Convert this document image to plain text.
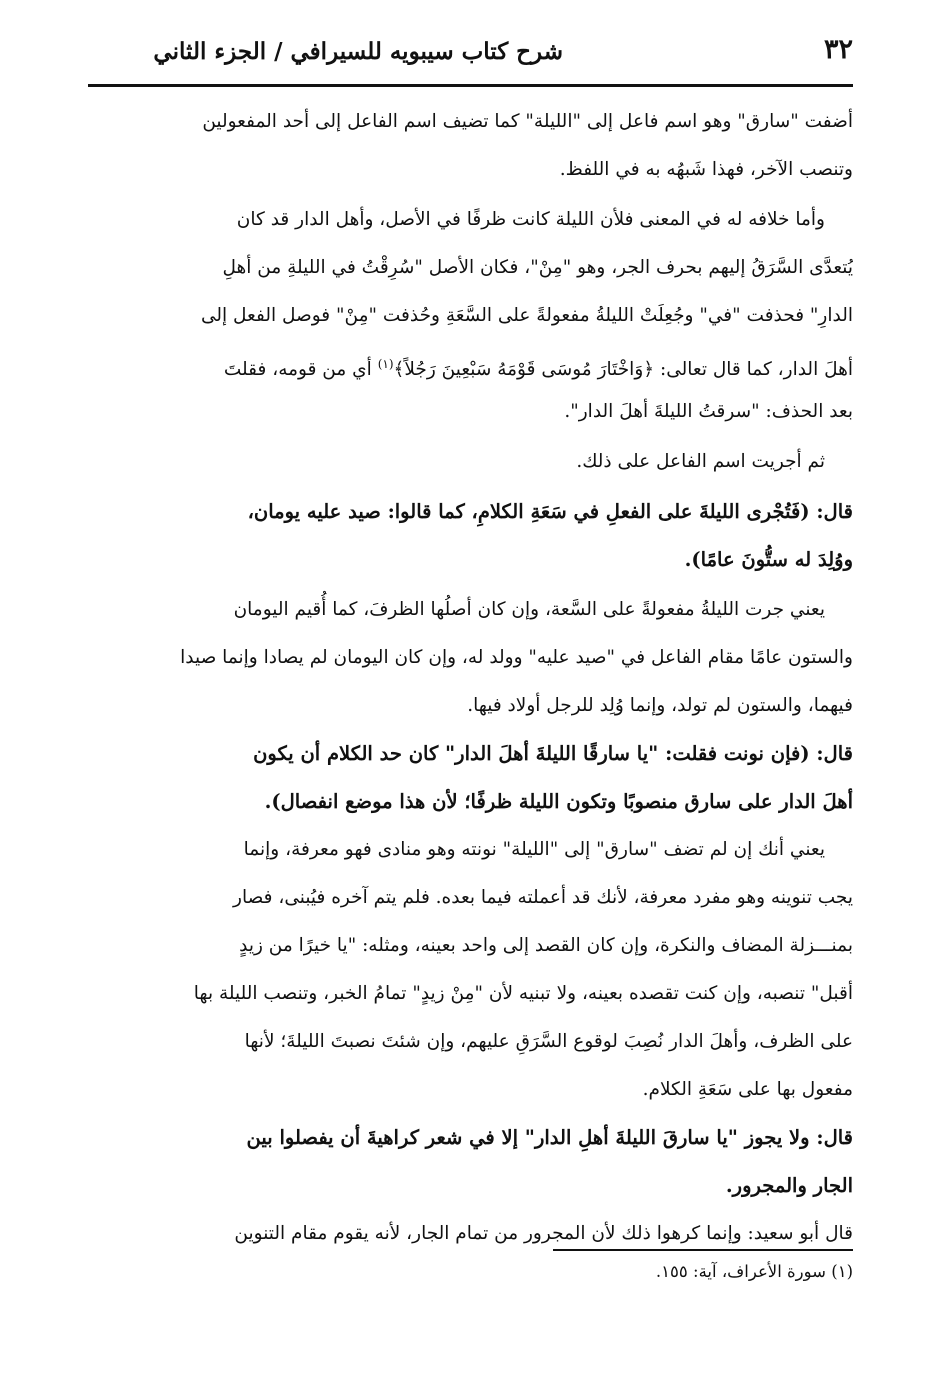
٣٢
شرح كتاب سيبويه للسيرافي / الجزء الثاني
أضفت "سارق" وهو اسم فاعل إلى "الليلة" كما تضيف اسم الفاعل إلى أحد المفعولين
وتنصب الآخر، فهذا شَبهُه به في اللفظ.
وأما خلافه له في المعنى فلأن الليلة كانت ظرفًا في الأصل، وأهل الدار قد كان
يُتعدَّى السَّرَقُ إليهم بحرف الجر، وهو "مِنْ"، فكان الأصل "سُرِقْتُ في الليلةِ من أهلِ
الدارِ" فحذفت "في" وجُعِلَتْ الليلةُ مفعولةً على السَّعَةِ وحُذفت "مِنْ" فوصل الفعل إلى
أهلَ الدار، كما قال تعالى: ﴿وَاخْتَارَ مُوسَى قَوْمَهُ سَبْعِينَ رَجُلاً﴾$^{(١)}$ أي من قومه، فقلتَ
بعد الحذف: "سرقتُ الليلةَ أهلَ الدار".
ثم أجريت اسم الفاعل على ذلك.
قال: (فَتُجْرى الليلةَ على الفعلِ في سَعَةِ الكلامِ، كما قالوا: صيد عليه يومان،
ووُلِدَ له ستُّونَ عامًا).
يعني جرت الليلةُ مفعولةً على السَّعة، وإن كان أصلُها الظرفَ، كما أُقيم اليومان
والستون عامًا مقام الفاعل في "صيد عليه" وولد له، وإن كان اليومان لم يصادا وإنما صيدا
فيهما، والستون لم تولد، وإنما وُلِد للرجل أولاد فيها.
قال: (فإن نونت فقلت: "يا سارقًا الليلةَ أهلَ الدار" كان حد الكلام أن يكون
أهلَ الدار على سارق منصوبًا وتكون الليلة ظرفًا؛ لأن هذا موضع انفصال).
يعني أنك إن لم تضف "سارق" إلى "الليلة" نونته وهو منادى فهو معرفة، وإنما
يجب تنوينه وهو مفرد معرفة، لأنك قد أعملته فيما بعده. فلم يتم آخره فيُبنى، فصار
بمنـــزلة المضاف والنكرة، وإن كان القصد إلى واحد بعينه، ومثله: "يا خيرًا من زيدٍ
أقبل" تنصبه، وإن كنت تقصده بعينه، ولا تبنيه لأن "مِنْ زيدٍ" تمامُ الخبر، وتنصب الليلة بها
على الظرف، وأهلَ الدار نُصِبَ لوقوع السَّرَقِ عليهم، وإن شئتَ نصبتَ الليلةَ؛ لأنها
مفعول بها على سَعَةِ الكلام.
قال: ولا يجوز "يا سارقَ الليلةَ أهلِ الدار" إلا في شعر كراهيةَ أن يفصلوا بين
الجار والمجرور.
قال أبو سعيد: وإنما كرهوا ذلك لأن المجرور من تمام الجار، لأنه يقوم مقام التنوين
(١) سورة الأعراف، آية: ١٥٥.
